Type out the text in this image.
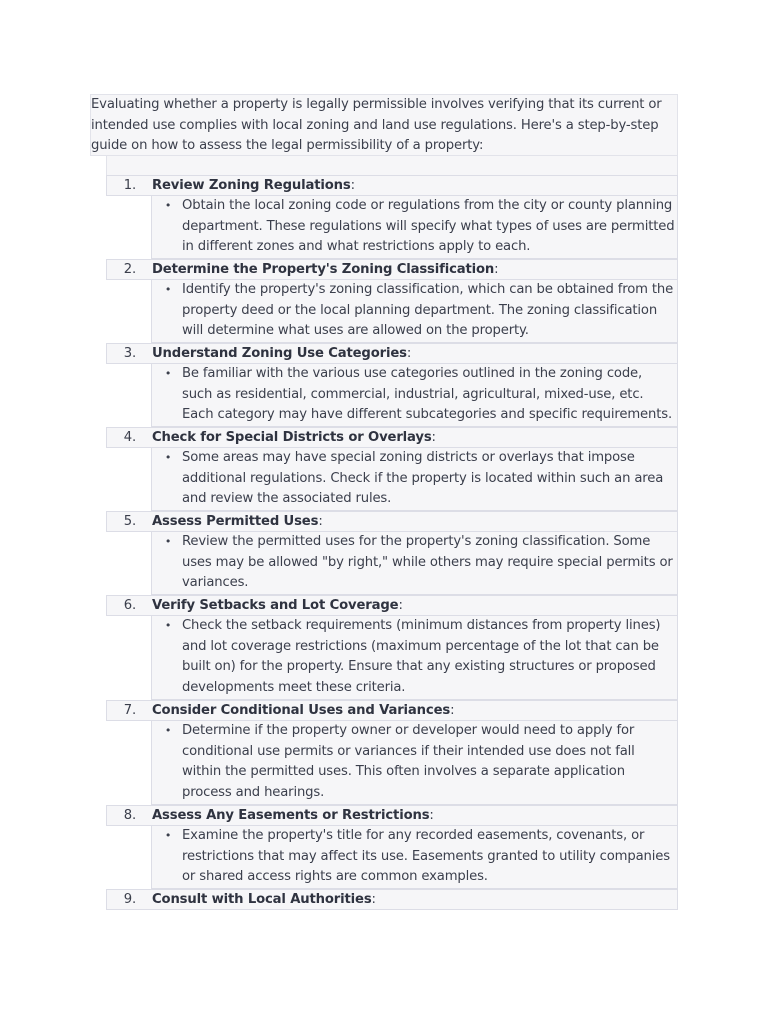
Evaluating whether a property is legally permissible involves verifying that its current or intended use complies with local zoning and land use regulations. Here's a step-by-step guide on how to assess the legal permissibility of a property:
1.	Review Zoning Regulations :
• Obtain the local zoning code or regulations from the city or county planning department. These regulations will specify what types of uses are permitted in different zones and what restrictions apply to each.
2.	Determine the Property's Zoning Classification :
• Identify the property's zoning classification, which can be obtained from the property deed or the local planning department. The zoning classification will determine what uses are allowed on the property.
3.	Understand Zoning Use Categories :
• Be familiar with the various use categories outlined in the zoning code, such as residential, commercial, industrial, agricultural, mixed-use, etc. Each category may have different subcategories and specific requirements.
4.	Check for Special Districts or Overlays :
• Some areas may have special zoning districts or overlays that impose additional regulations. Check if the property is located within such an area and review the associated rules.
5.	Assess Permitted Uses :
• Review the permitted uses for the property's zoning classification. Some uses may be allowed "by right," while others may require special permits or variances.
6.	Verify Setbacks and Lot Coverage :
• Check the setback requirements (minimum distances from property lines) and lot coverage restrictions (maximum percentage of the lot that can be built on) for the property. Ensure that any existing structures or proposed developments meet these criteria.
7.	Consider Conditional Uses and Variances :
• Determine if the property owner or developer would need to apply for conditional use permits or variances if their intended use does not fall within the permitted uses. This often involves a separate application process and hearings.
8.	Assess Any Easements or Restrictions :
• Examine the property's title for any recorded easements, covenants, or restrictions that may affect its use. Easements granted to utility companies or shared access rights are common examples.
9.	Consult with Local Authorities :
